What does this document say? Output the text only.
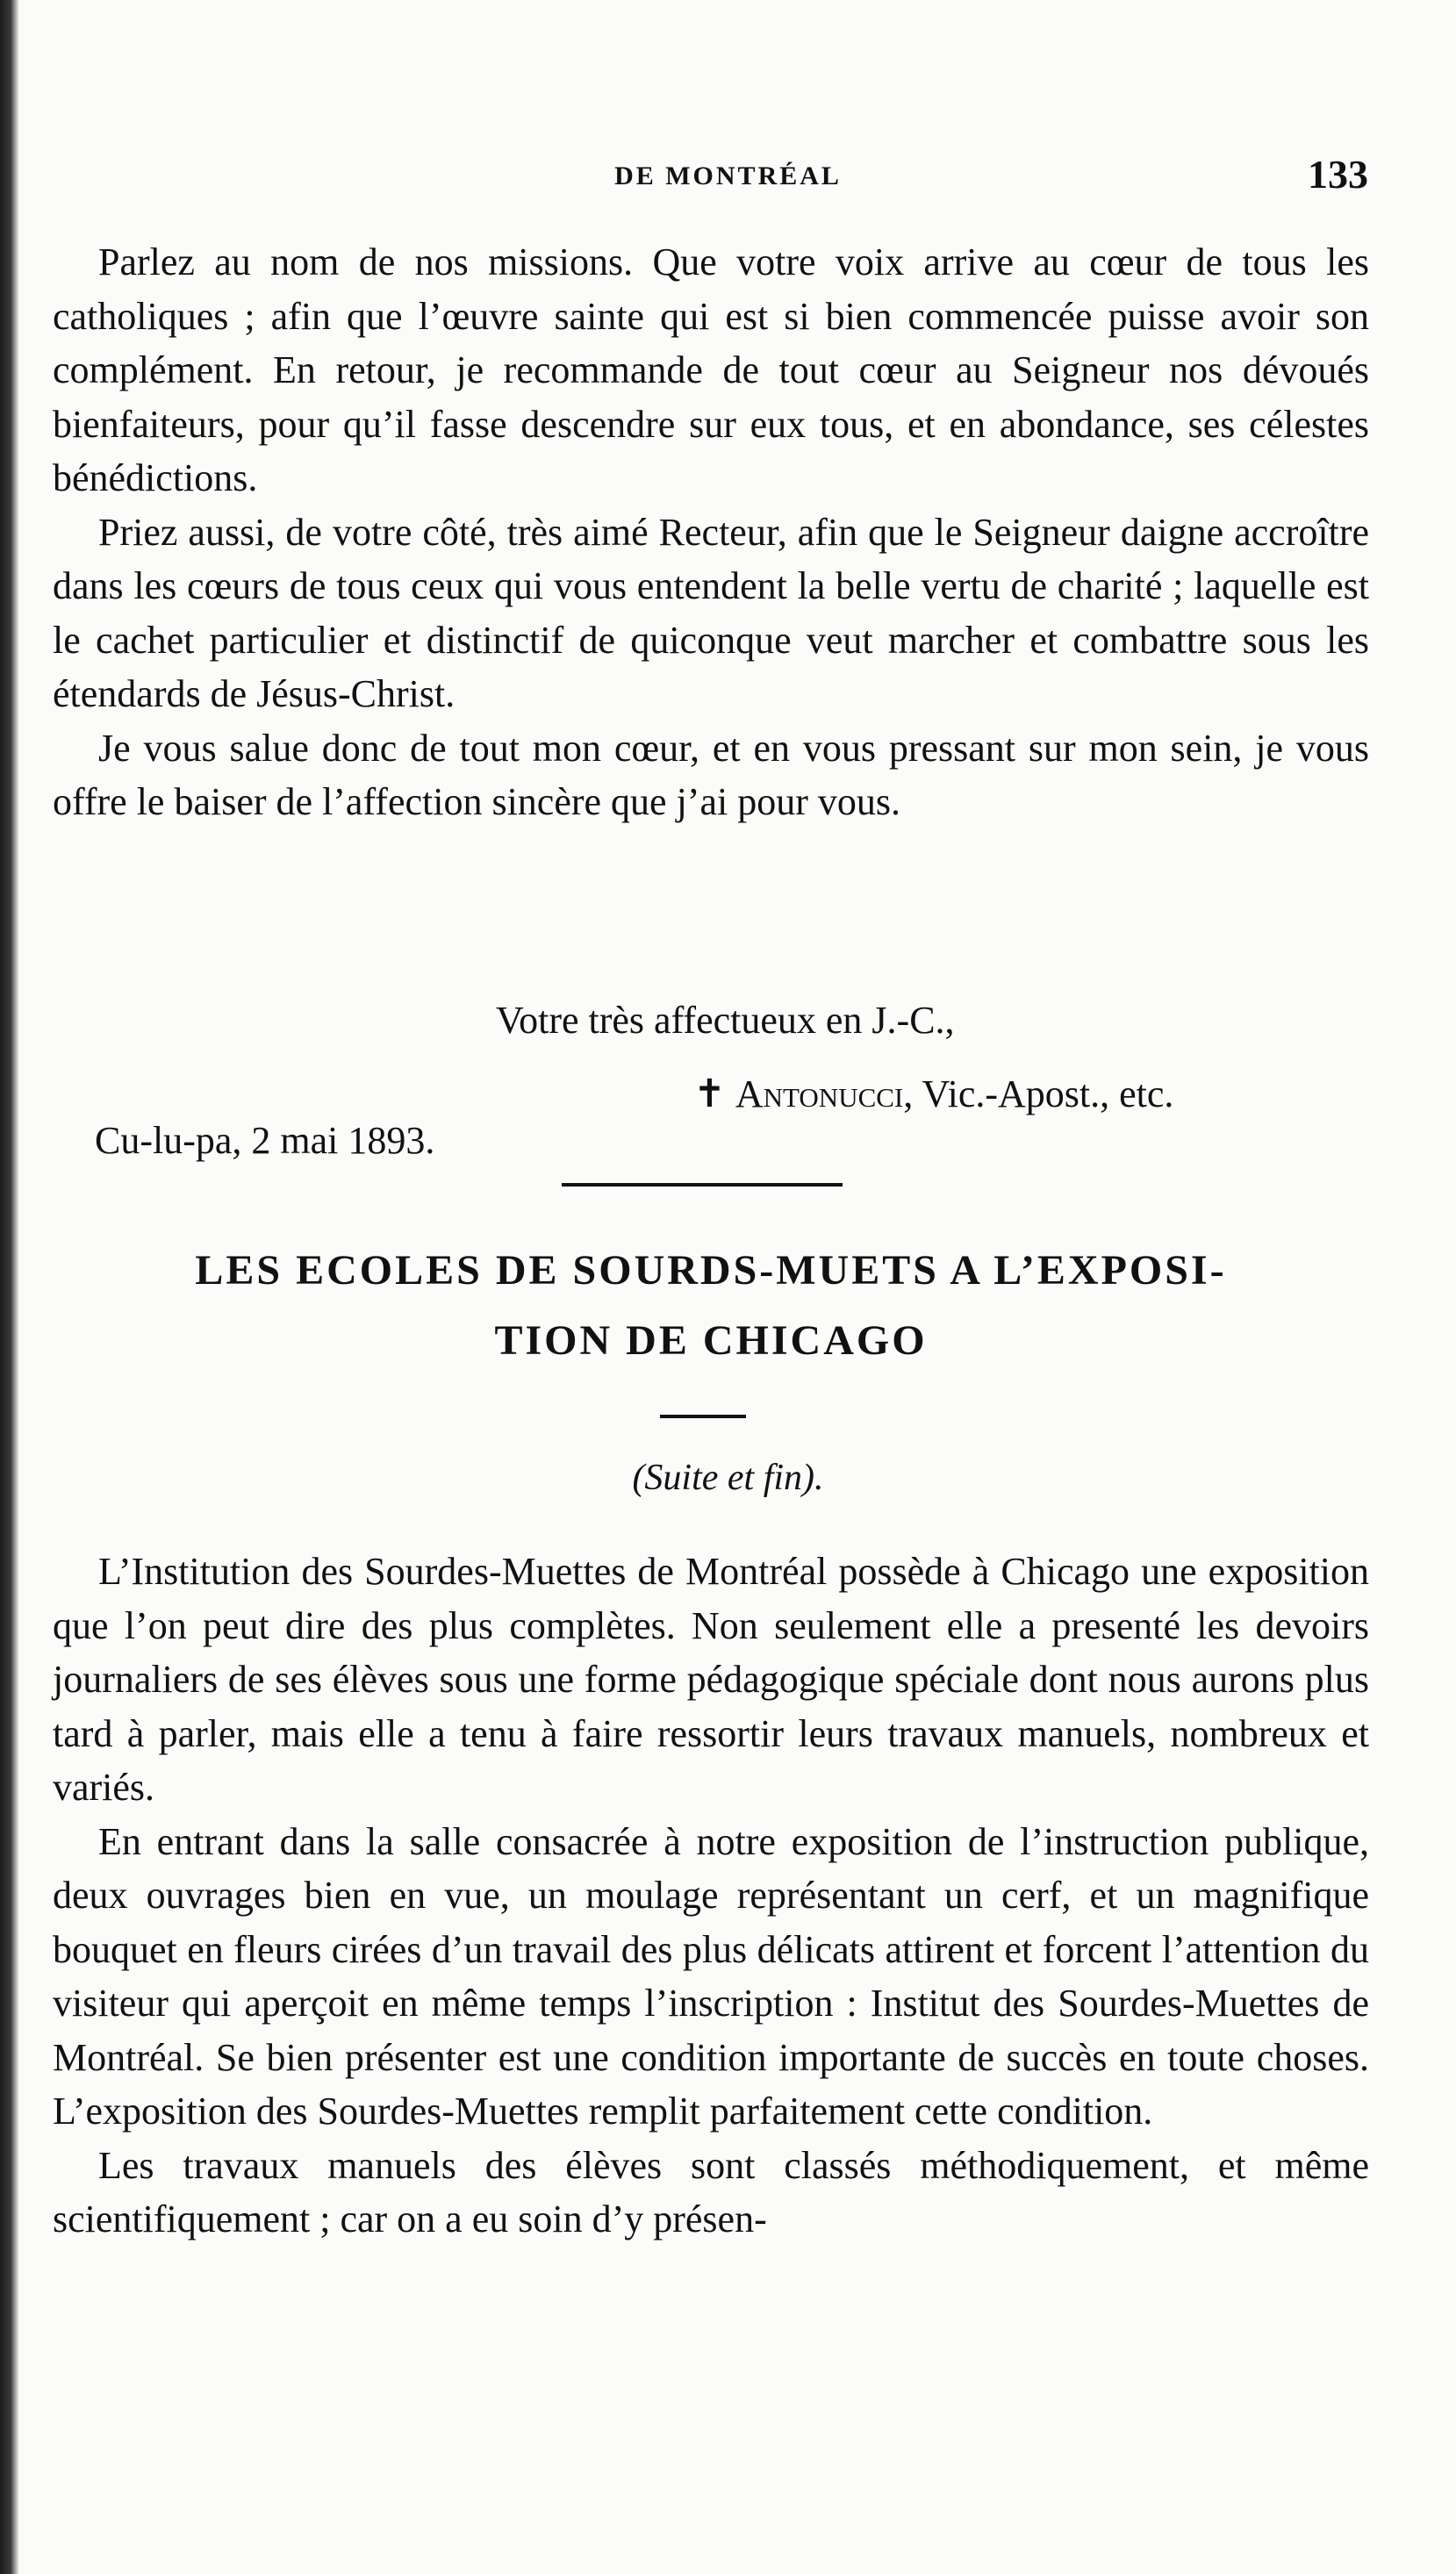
DE MONTRÉAL	133

Parlez au nom de nos missions. Que votre voix arrive au cœur de tous les catholiques ; afin que l’œuvre sainte qui est si bien commencée puisse avoir son complément. En retour, je recommande de tout cœur au Seigneur nos dévoués bienfaiteurs, pour qu’il fasse descendre sur eux tous, et en abondance, ses célestes bénédictions.

Priez aussi, de votre côté, très aimé Recteur, afin que le Seigneur daigne accroître dans les cœurs de tous ceux qui vous entendent la belle vertu de charité ; laquelle est le cachet particulier et distinctif de quiconque veut marcher et combattre sous les étendards de Jésus-Christ.

Je vous salue donc de tout mon cœur, et en vous pressant sur mon sein, je vous offre le baiser de l’affection sincère que j’ai pour vous.

Votre très affectueux en J.-C.,
✝ Antonucci, Vic.-Apost., etc.
Cu-lu-pa, 2 mai 1893.
LES ECOLES DE SOURDS-MUETS A L’EXPOSI-
TION DE CHICAGO
(Suite et fin).

L’Institution des Sourdes-Muettes de Montréal possède à Chicago une exposition que l’on peut dire des plus complètes. Non seulement elle a presenté les devoirs journaliers de ses élèves sous une forme pédagogique spéciale dont nous aurons plus tard à parler, mais elle a tenu à faire ressortir leurs travaux manuels, nombreux et variés.

En entrant dans la salle consacrée à notre exposition de l’instruction publique, deux ouvrages bien en vue, un moulage représentant un cerf, et un magnifique bouquet en fleurs cirées d’un travail des plus délicats attirent et forcent l’attention du visiteur qui aperçoit en même temps l’inscription : Institut des Sourdes-Muettes de Montréal. Se bien présenter est une condition importante de succès en toute choses. L’exposition des Sourdes-Muettes remplit parfaitement cette condition.

Les travaux manuels des élèves sont classés méthodiquement, et même scientifiquement ; car on a eu soin d’y présen-
